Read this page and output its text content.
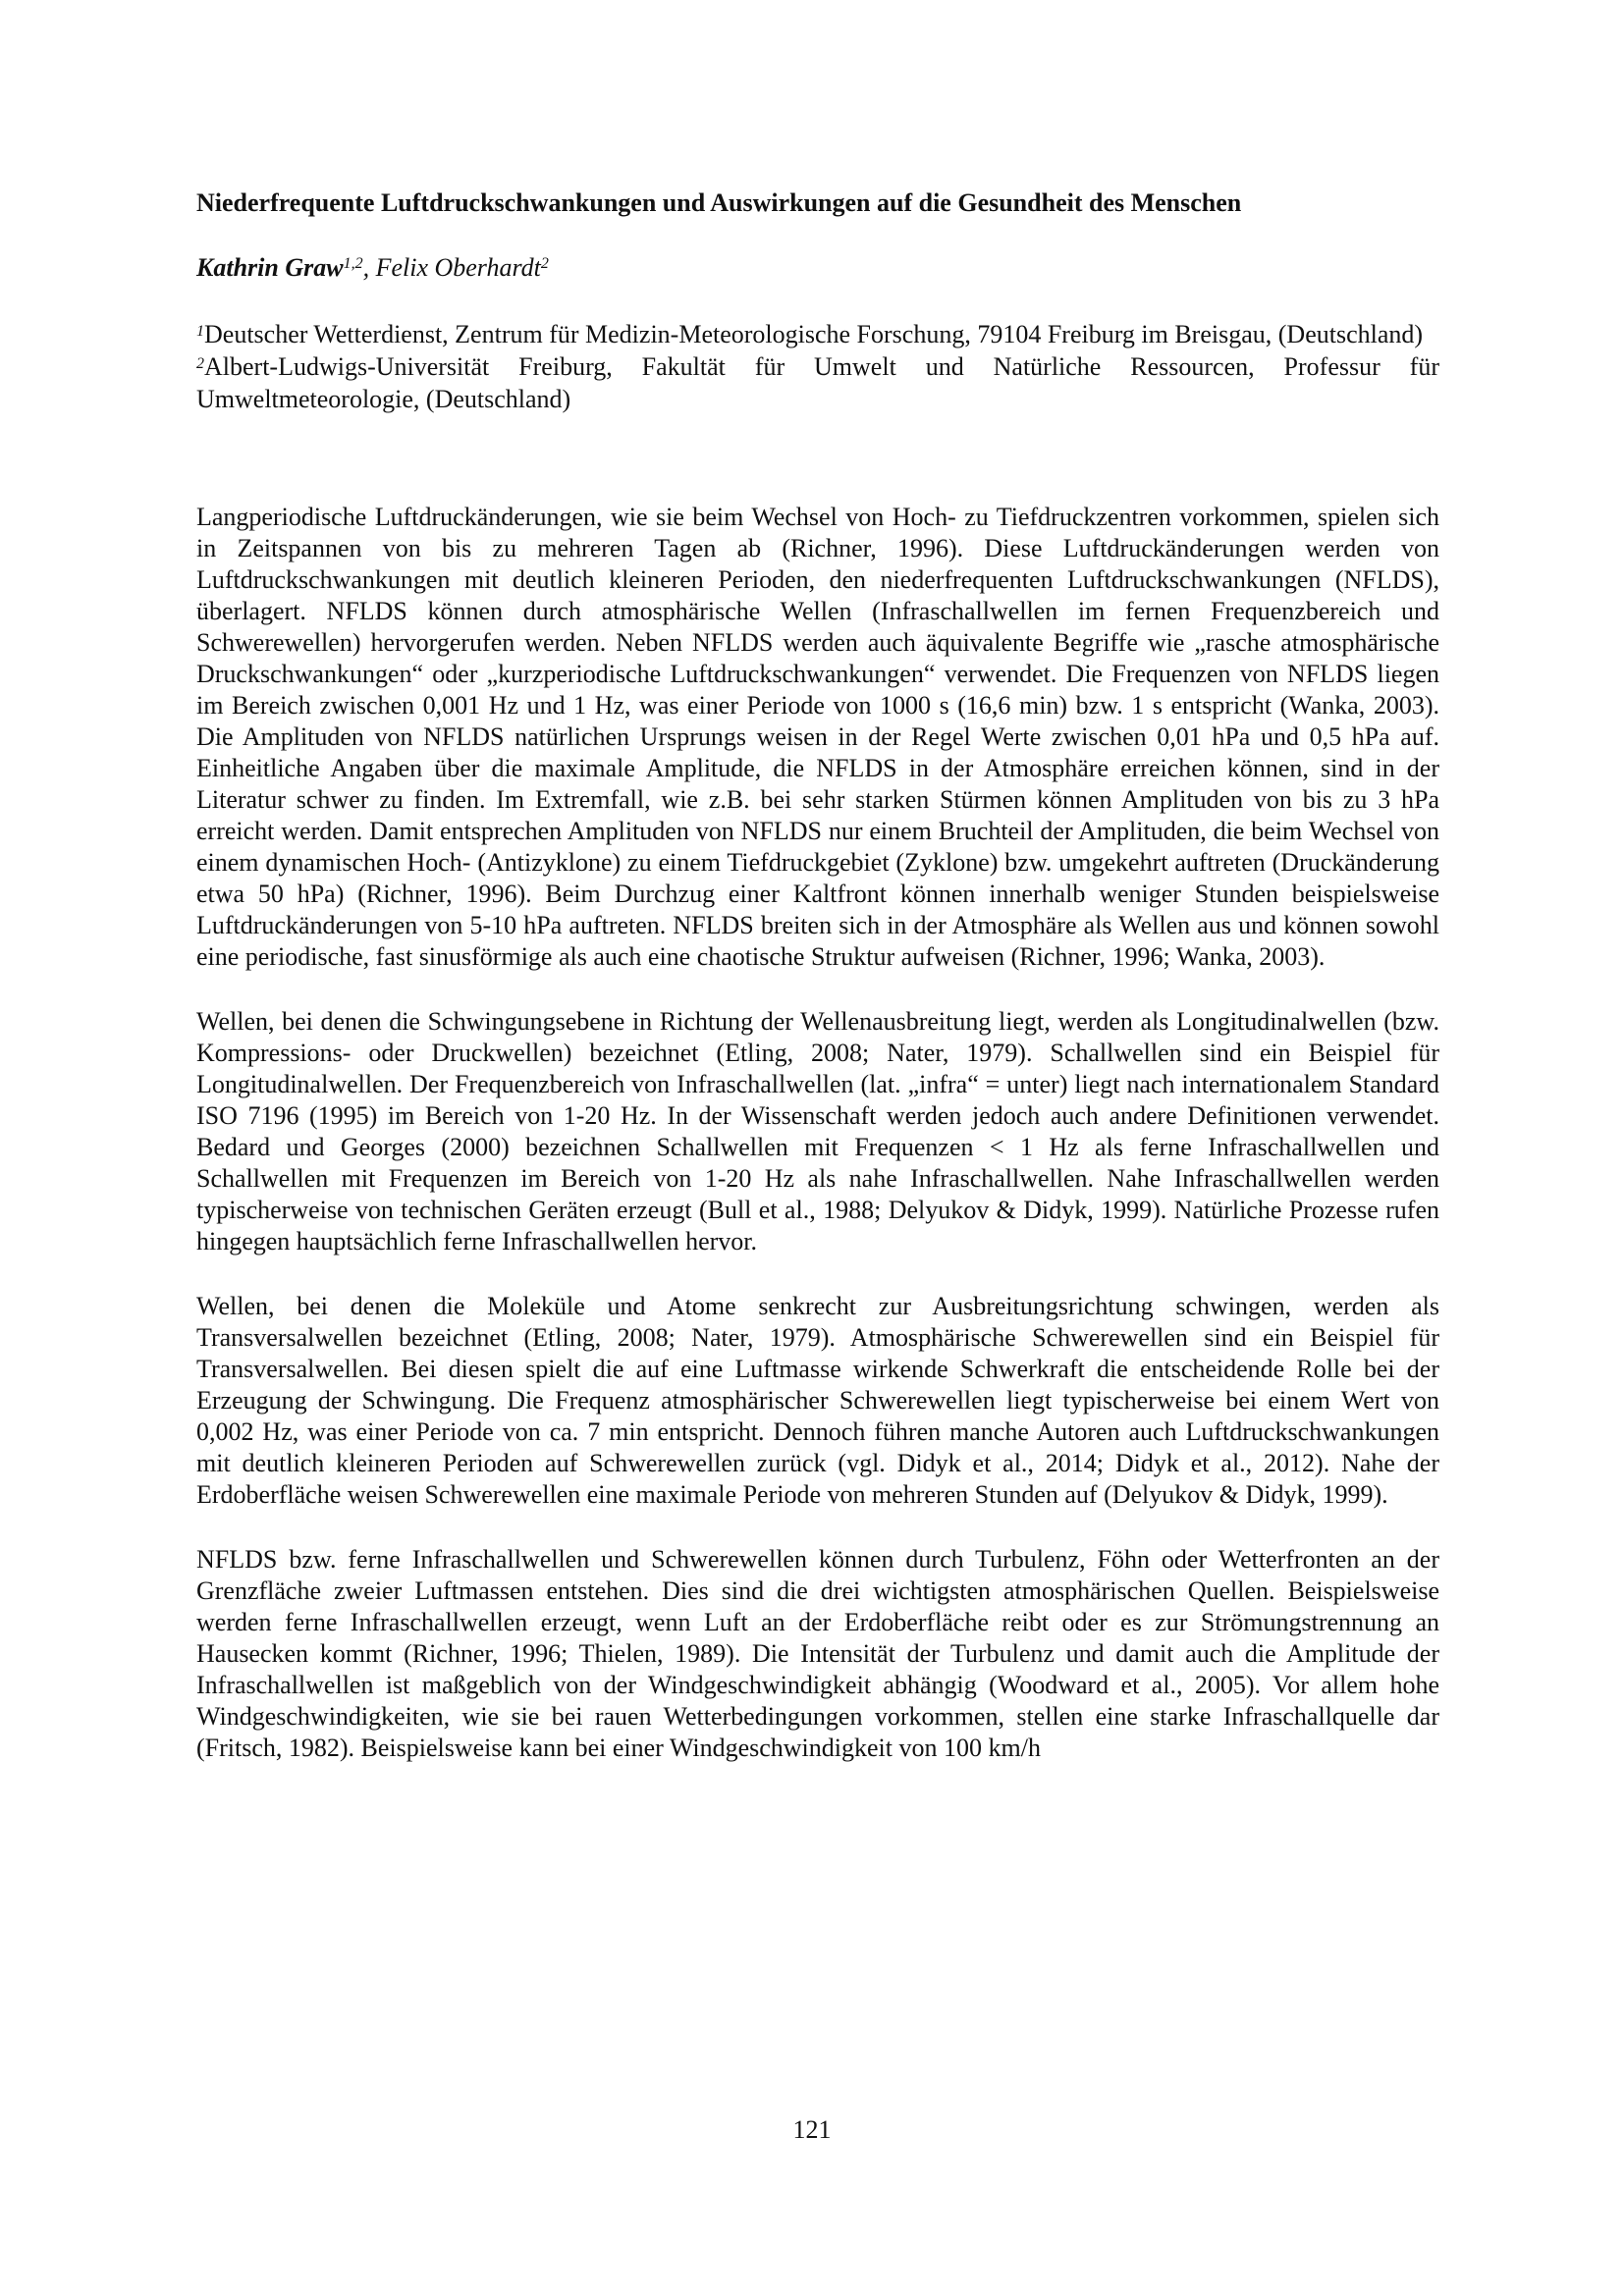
Niederfrequente Luftdruckschwankungen und Auswirkungen auf die Gesundheit des Menschen
Kathrin Graw$^{1,2}$, Felix Oberhardt$^2$

$^1$Deutscher Wetterdienst, Zentrum für Medizin-Meteorologische Forschung, 79104 Freiburg im Breisgau, (Deutschland)

$^2$Albert-Ludwigs-Universität Freiburg, Fakultät für Umwelt und Natürliche Ressourcen, Professur für Umweltmeteorologie, (Deutschland)

Langperiodische Luftdruckänderungen, wie sie beim Wechsel von Hoch- zu Tiefdruckzentren vorkommen, spielen sich in Zeitspannen von bis zu mehreren Tagen ab (Richner, 1996). Diese Luftdruckänderungen werden von Luftdruckschwankungen mit deutlich kleineren Perioden, den niederfrequenten Luftdruckschwankungen (NFLDS), überlagert. NFLDS können durch atmosphärische Wellen (Infraschallwellen im fernen Frequenzbereich und Schwerewellen) hervorgerufen werden. Neben NFLDS werden auch äquivalente Begriffe wie „rasche atmosphärische Druckschwankungen“ oder „kurzperiodische Luftdruckschwankungen“ verwendet. Die Frequenzen von NFLDS liegen im Bereich zwischen 0,001 Hz und 1 Hz, was einer Periode von 1000 s (16,6 min) bzw. 1 s entspricht (Wanka, 2003). Die Amplituden von NFLDS natürlichen Ursprungs weisen in der Regel Werte zwischen 0,01 hPa und 0,5 hPa auf. Einheitliche Angaben über die maximale Amplitude, die NFLDS in der Atmosphäre erreichen können, sind in der Literatur schwer zu finden. Im Extremfall, wie z.B. bei sehr starken Stürmen können Amplituden von bis zu 3 hPa erreicht werden. Damit entsprechen Amplituden von NFLDS nur einem Bruchteil der Amplituden, die beim Wechsel von einem dynamischen Hoch- (Antizyklone) zu einem Tiefdruckgebiet (Zyklone) bzw. umgekehrt auftreten (Druckänderung etwa 50 hPa) (Richner, 1996). Beim Durchzug einer Kaltfront können innerhalb weniger Stunden beispielsweise Luftdruckänderungen von 5-10 hPa auftreten. NFLDS breiten sich in der Atmosphäre als Wellen aus und können sowohl eine periodische, fast sinusförmige als auch eine chaotische Struktur aufweisen (Richner, 1996; Wanka, 2003).

Wellen, bei denen die Schwingungsebene in Richtung der Wellenausbreitung liegt, werden als Longitudinalwellen (bzw. Kompressions- oder Druckwellen) bezeichnet (Etling, 2008; Nater, 1979). Schallwellen sind ein Beispiel für Longitudinalwellen. Der Frequenzbereich von Infraschallwellen (lat. „infra“ = unter) liegt nach internationalem Standard ISO 7196 (1995) im Bereich von 1-20 Hz. In der Wissenschaft werden jedoch auch andere Definitionen verwendet. Bedard und Georges (2000) bezeichnen Schallwellen mit Frequenzen < 1 Hz als ferne Infraschallwellen und Schallwellen mit Frequenzen im Bereich von 1-20 Hz als nahe Infraschallwellen. Nahe Infraschallwellen werden typischerweise von technischen Geräten erzeugt (Bull et al., 1988; Delyukov & Didyk, 1999). Natürliche Prozesse rufen hingegen hauptsächlich ferne Infraschallwellen hervor.

Wellen, bei denen die Moleküle und Atome senkrecht zur Ausbreitungsrichtung schwingen, werden als Transversalwellen bezeichnet (Etling, 2008; Nater, 1979). Atmosphärische Schwerewellen sind ein Beispiel für Transversalwellen. Bei diesen spielt die auf eine Luftmasse wirkende Schwerkraft die entscheidende Rolle bei der Erzeugung der Schwingung. Die Frequenz atmosphärischer Schwerewellen liegt typischerweise bei einem Wert von 0,002 Hz, was einer Periode von ca. 7 min entspricht. Dennoch führen manche Autoren auch Luftdruckschwankungen mit deutlich kleineren Perioden auf Schwerewellen zurück (vgl. Didyk et al., 2014; Didyk et al., 2012). Nahe der Erdoberfläche weisen Schwerewellen eine maximale Periode von mehreren Stunden auf (Delyukov & Didyk, 1999).

NFLDS bzw. ferne Infraschallwellen und Schwerewellen können durch Turbulenz, Föhn oder Wetterfronten an der Grenzfläche zweier Luftmassen entstehen. Dies sind die drei wichtigsten atmosphärischen Quellen. Beispielsweise werden ferne Infraschallwellen erzeugt, wenn Luft an der Erdoberfläche reibt oder es zur Strömungstrennung an Hausecken kommt (Richner, 1996; Thielen, 1989). Die Intensität der Turbulenz und damit auch die Amplitude der Infraschallwellen ist maßgeblich von der Windgeschwindigkeit abhängig (Woodward et al., 2005). Vor allem hohe Windgeschwindigkeiten, wie sie bei rauen Wetterbedingungen vorkommen, stellen eine starke Infraschallquelle dar (Fritsch, 1982). Beispielsweise kann bei einer Windgeschwindigkeit von 100 km/h

121
